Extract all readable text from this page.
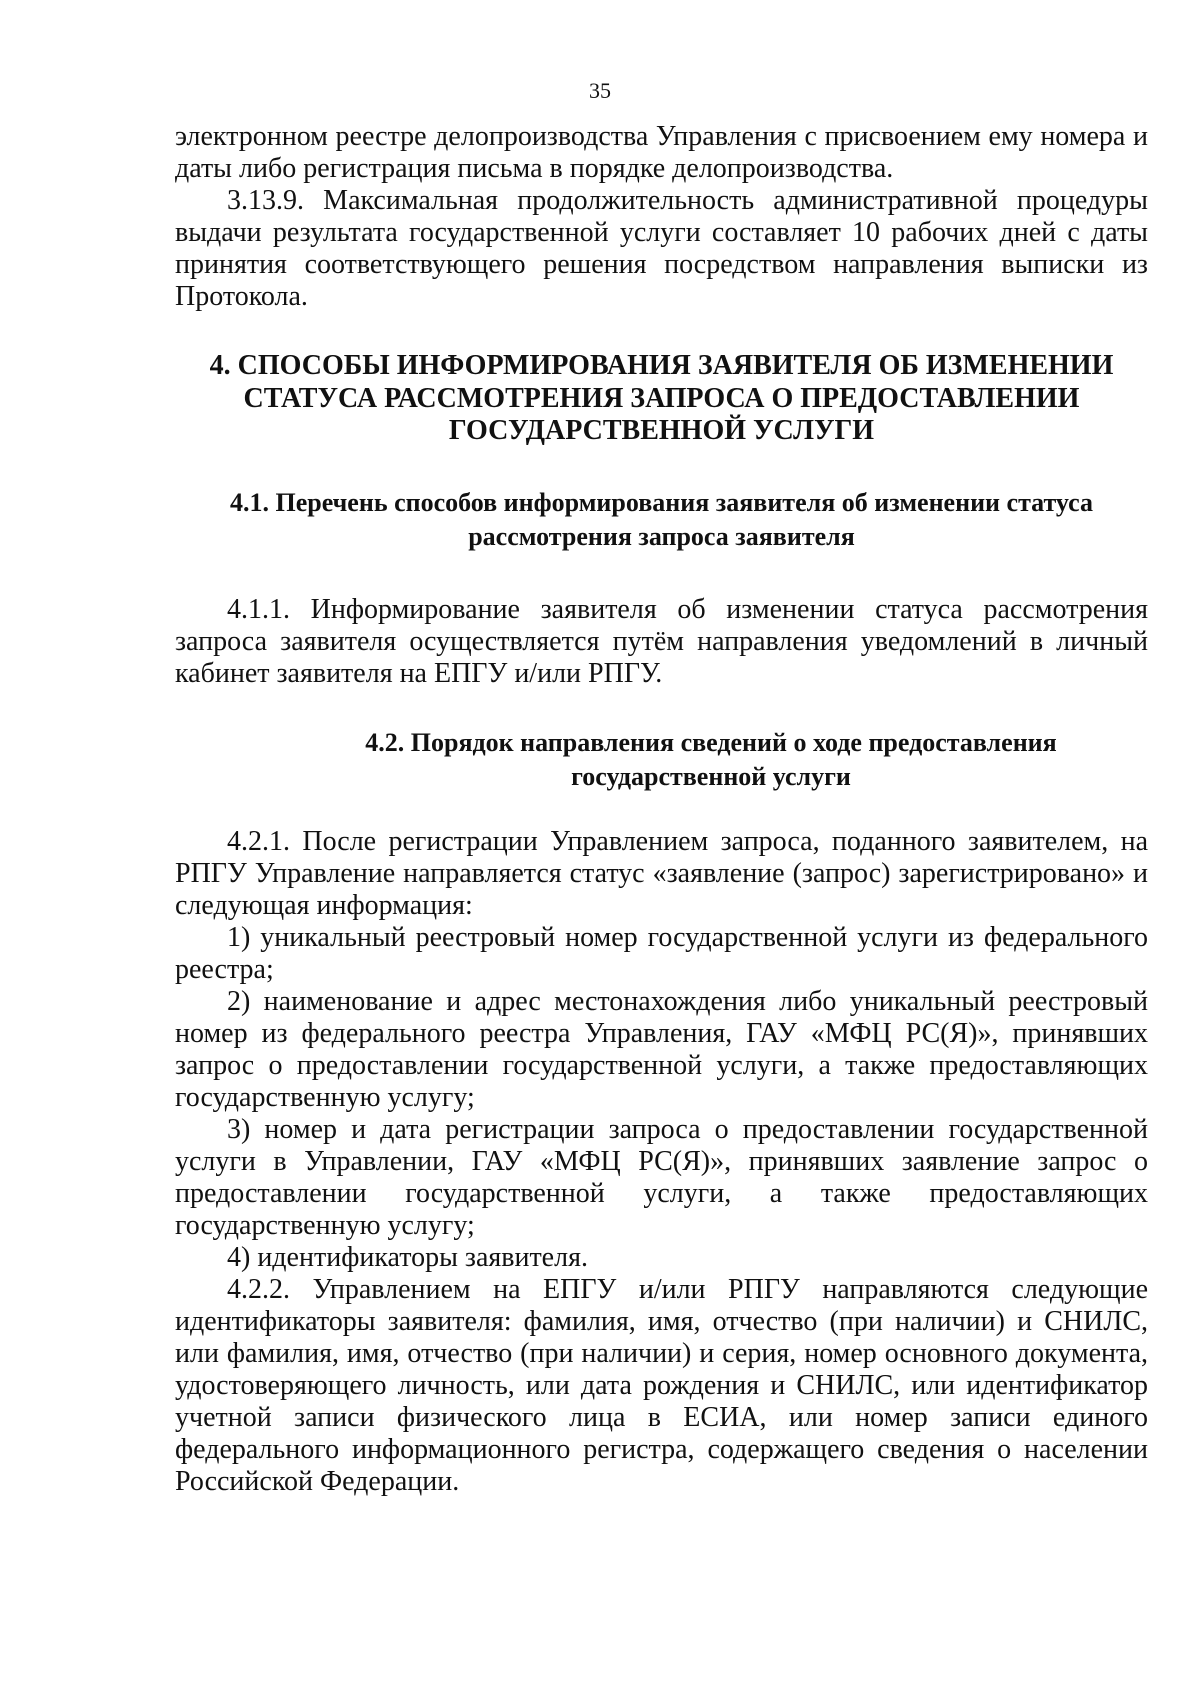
35

электронном реестре делопроизводства Управления с присвоением ему номера и даты либо регистрация письма в порядке делопроизводства.

3.13.9. Максимальная продолжительность административной процедуры выдачи результата государственной услуги составляет 10 рабочих дней с даты принятия соответствующего решения посредством направления выписки из Протокола.

4. СПОСОБЫ ИНФОРМИРОВАНИЯ ЗАЯВИТЕЛЯ ОБ ИЗМЕНЕНИИ СТАТУСА РАССМОТРЕНИЯ ЗАПРОСА О ПРЕДОСТАВЛЕНИИ ГОСУДАРСТВЕННОЙ УСЛУГИ
4.1. Перечень способов информирования заявителя об изменении статуса рассмотрения запроса заявителя

4.1.1. Информирование заявителя об изменении статуса рассмотрения запроса заявителя осуществляется путём направления уведомлений в личный кабинет заявителя на ЕПГУ и/или РПГУ.

4.2. Порядок направления сведений о ходе предоставления государственной услуги

4.2.1. После регистрации Управлением запроса, поданного заявителем, на РПГУ Управление направляется статус «заявление (запрос) зарегистрировано» и следующая информация:

1) уникальный реестровый номер государственной услуги из федерального реестра;

2) наименование и адрес местонахождения либо уникальный реестровый номер из федерального реестра Управления, ГАУ «МФЦ РС(Я)», принявших запрос о предоставлении государственной услуги, а также предоставляющих государственную услугу;

3) номер и дата регистрации запроса о предоставлении государственной услуги в Управлении, ГАУ «МФЦ РС(Я)», принявших заявление запрос о предоставлении государственной услуги, а также предоставляющих государственную услугу;

4) идентификаторы заявителя.

4.2.2. Управлением на ЕПГУ и/или РПГУ направляются следующие идентификаторы заявителя: фамилия, имя, отчество (при наличии) и СНИЛС, или фамилия, имя, отчество (при наличии) и серия, номер основного документа, удостоверяющего личность, или дата рождения и СНИЛС, или идентификатор учетной записи физического лица в ЕСИА, или номер записи единого федерального информационного регистра, содержащего сведения о населении Российской Федерации.
